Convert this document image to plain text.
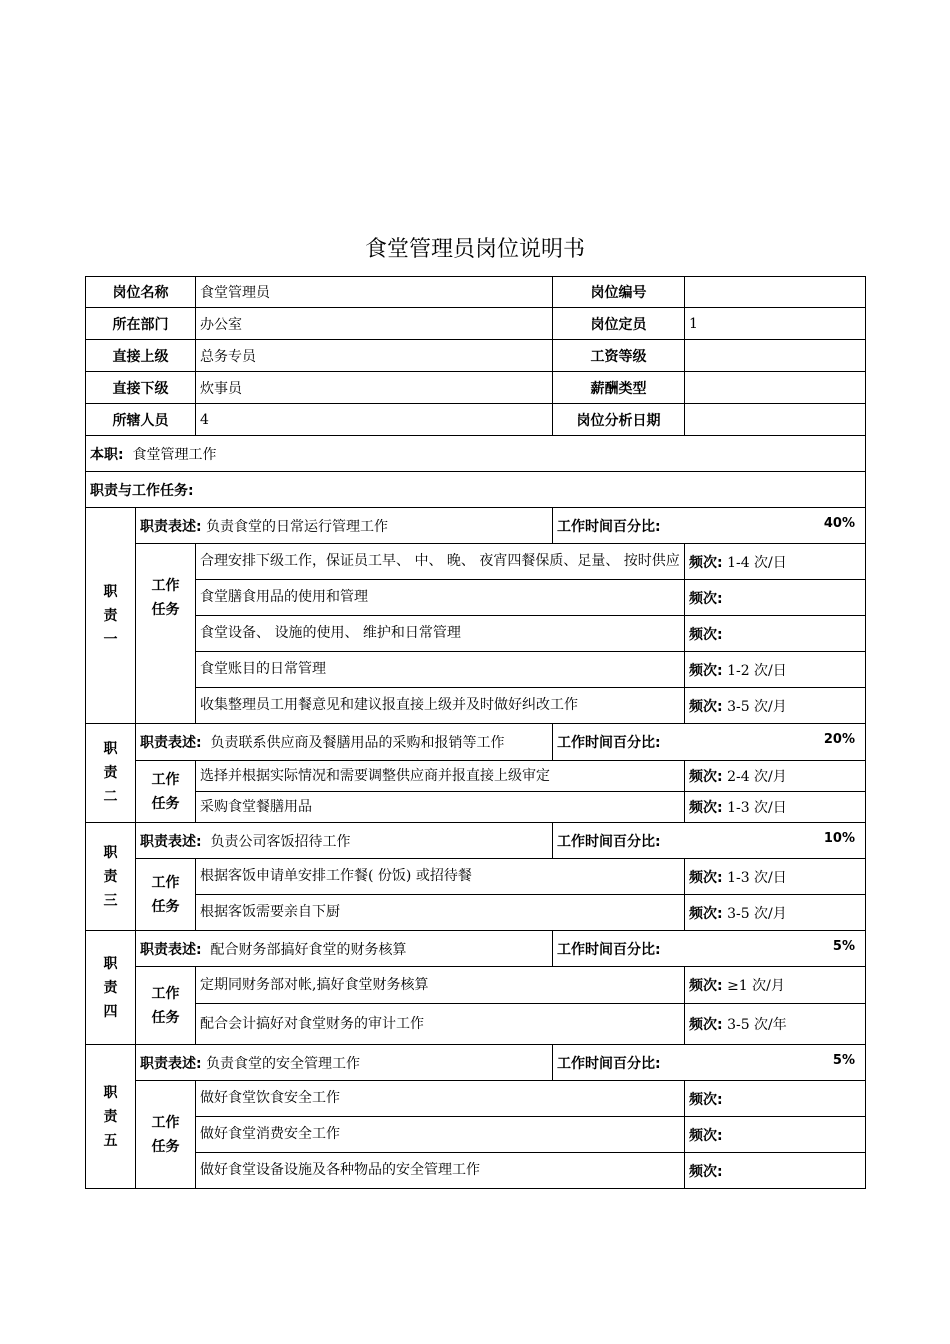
食堂管理员岗位说明书
岗位名称		食堂管理员	岗位编号	
所在部门		办公室	岗位定员	1
直接上级		总务专员	工资等级	
直接下级		炊事员	薪酬类型	
所辖人员		4	岗位分析日期	
本职: 食堂管理工作				
职责与工作任务:				
职
责
一	职责表述: 负责食堂的日常运行管理工作		工作时间百分比: 40%	

	工作
任务	合理安排下级工作，保证员工早、 中、 晚、 夜宵四餐保质、足量、 按时供应		频次: 1-4 次/日
		食堂膳食用品的使用和管理		频次:
		食堂设备、 设施的使用、 维护和日常管理		频次:
		食堂账目的日常管理		频次: 1-2 次/日
		收集整理员工用餐意见和建议报直接上级并及时做好纠改工作		频次: 3-5 次/月
职
责
二	职责表述: 负责联系供应商及餐膳用品的采购和报销等工作		工作时间百分比: 20%	

	工作
任务	选择并根据实际情况和需要调整供应商并报直接上级审定		频次: 2-4 次/月
		采购食堂餐膳用品		频次: 1-3 次/日
职
责
三	职责表述: 负责公司客饭招待工作		工作时间百分比: 10%	

	工作
任务	根据客饭申请单安排工作餐( 份饭) 或招待餐		频次: 1-3 次/日
		根据客饭需要亲自下厨		频次: 3-5 次/月
职
责
四	职责表述: 配合财务部搞好食堂的财务核算		工作时间百分比: 5%	

	工作
任务	定期同财务部对帐,搞好食堂财务核算		频次: ≥1 次/月
		配合会计搞好对食堂财务的审计工作		频次: 3-5 次/年
职
责
五	职责表述: 负责食堂的安全管理工作		工作时间百分比: 5%	

	工作
任务	做好食堂饮食安全工作		频次:
		做好食堂消费安全工作		频次:
		做好食堂设备设施及各种物品的安全管理工作		频次:
